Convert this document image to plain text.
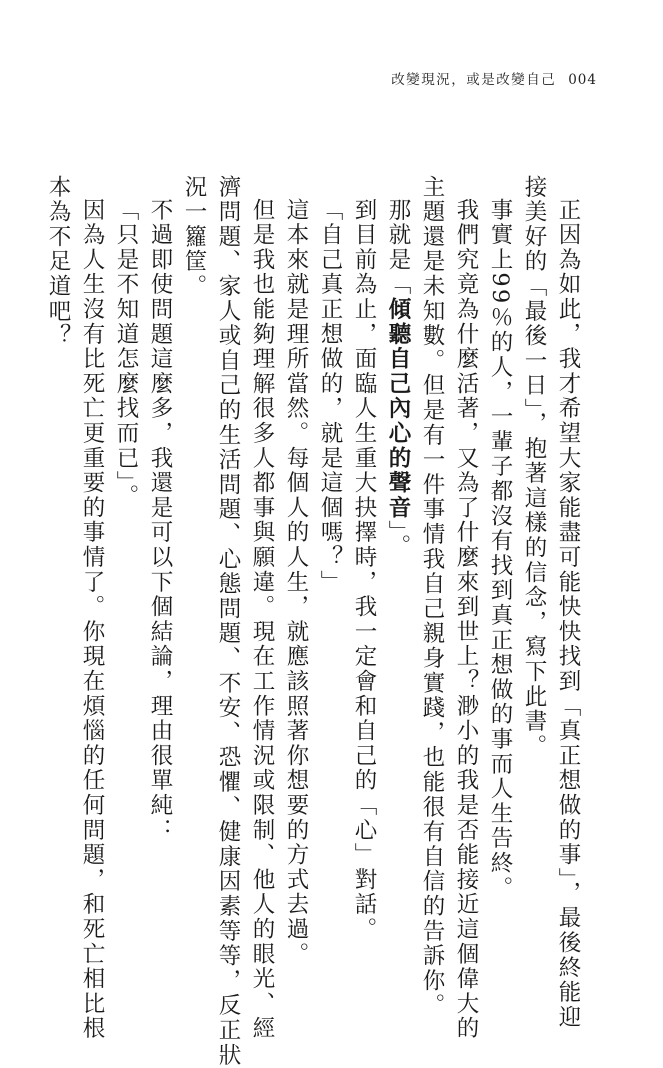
改變現況，或是改變自己 004

正因為如此，我才希望大家能盡可能快快找到「真正想做的事」，最後終能迎

接美好的「最後一日」，抱著這樣的信念，寫下此書。

事實上99％的人，一輩子都沒有找到真正想做的事而人生告終。

我們究竟為什麼活著，又為了什麼來到世上？渺小的我是否能接近這個偉大的

主題還是未知數。但是有一件事情我自己親身實踐，也能很有自信的告訴你。

那就是「傾聽自己內心的聲音」。

到目前為止，面臨人生重大抉擇時，我一定會和自己的「心」對話。

「自己真正想做的，就是這個嗎？」

這本來就是理所當然。每個人的人生，就應該照著你想要的方式去過。

但是我也能夠理解很多人都事與願違。現在工作情況或限制、他人的眼光、經

濟問題、家人或自己的生活問題、心態問題、不安、恐懼、健康因素等等，反正狀

況一籮筐。

不過即使問題這麼多，我還是可以下個結論，理由很單純：

「只是不知道怎麼找而已」。

因為人生沒有比死亡更重要的事情了。你現在煩惱的任何問題，和死亡相比根

本為不足道吧？
